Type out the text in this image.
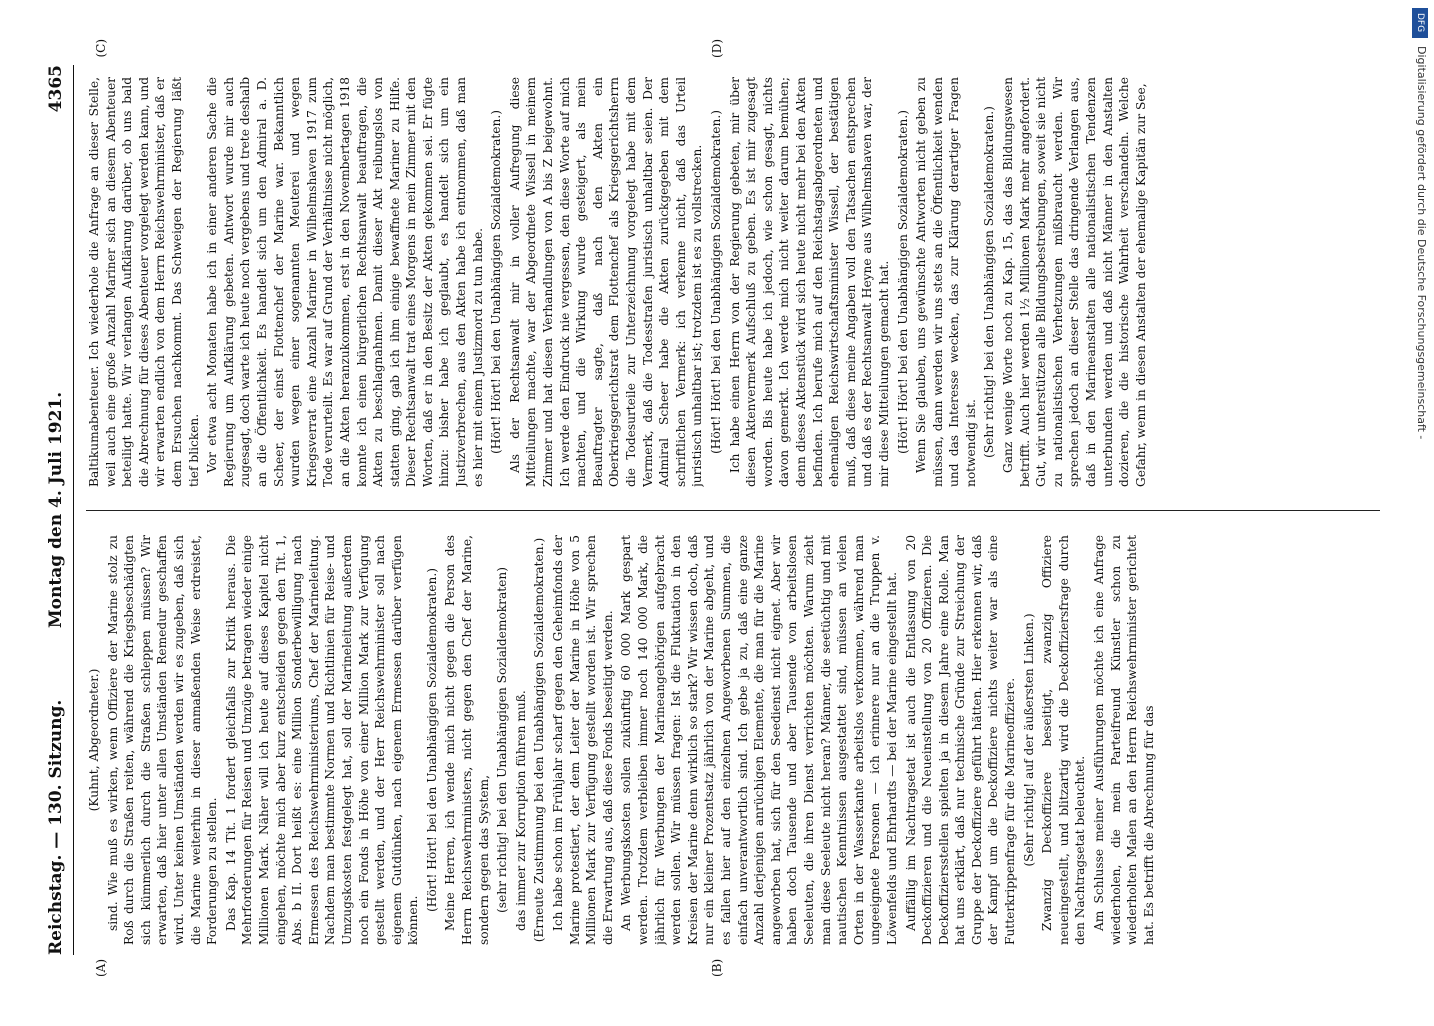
Reichstag. — 130. Sitzung.
Montag den 4. Juli 1921.
4365
(A)	(B)
(C)	(D)

(Kuhnt, Abgeordneter.) sind. Wie muß es wirken, wenn Offiziere der Marine stolz zu Roß durch die Straßen reiten, während die Kriegsbeschädigten sich kümmerlich durch die Straßen schleppen müssen? Wir erwarten, daß hier unter allen Umständen Remedur geschaffen wird. Unter keinen Umständen werden wir es zugeben, daß sich die Marine weiterhin in dieser anmaßenden Weise erdreistet, Forderungen zu stellen. Das Kap. 14 Tit. 1 fordert gleichfalls zur Kritik heraus. Die Mehrforderungen für Reisen und Umzüge betragen wieder einige Millionen Mark. Näher will ich heute auf dieses Kapitel nicht eingehen, möchte mich aber kurz entscheiden gegen den Tit. 1, Abs. b II. Dort heißt es: eine Million Sonderbewilligung nach Ermessen des Reichswehrministeriums, Chef der Marineleitung. Nachdem man bestimmte Normen und Richtlinien für Reise- und Umzugskosten festgelegt hat, soll der Marineleitung außerdem noch ein Fonds in Höhe von einer Million Mark zur Verfügung gestellt werden, und der Herr Reichswehrminister soll nach eigenem Gutdünken, nach eigenem Ermessen darüber verfügen können.

(Hört! Hört! bei den Unabhängigen Sozialdemokraten.) Meine Herren, ich wende mich nicht gegen die Person des Herrn Reichswehrministers, nicht gegen den Chef der Marine, sondern gegen das System, (sehr richtig! bei den Unabhängigen Sozialdemokraten) das immer zur Korruption führen muß. (Erneute Zustimmung bei den Unabhängigen Sozialdemokraten.) Ich habe schon im Frühjahr scharf gegen den Geheimfonds der Marine protestiert, der dem Leiter der Marine in Höhe von 5 Millionen Mark zur Verfügung gestellt worden ist. Wir sprechen die Erwartung aus, daß diese Fonds beseitigt werden. An Werbungskosten sollen zukünftig 60 000 Mark gespart werden. Trotzdem verbleiben immer noch 140 000 Mark, die jährlich für Werbungen der Marineangehörigen aufgebracht werden sollen. Wir müssen fragen: Ist die Fluktuation in den Kreisen der Marine denn wirklich so stark? Wir wissen doch, daß nur ein kleiner Prozentsatz jährlich von der Marine abgeht, und es fallen hier auf den einzelnen Angeworbenen Summen, die einfach unverantwortlich sind. Ich gebe ja zu, daß eine ganze Anzahl derjenigen anrüchigen Elemente, die man für die Marine angeworben hat, sich für den Seedienst nicht eignet. Aber wir haben doch Tausende und aber Tausende von arbeitslosen Seeleuten, die ihren Dienst verrichten möchten. Warum zieht man diese Seeleute nicht heran? Männer, die seetüchtig und mit nautischen Kenntnissen ausgestattet sind, müssen an vielen Orten in der Wasserkante arbeitslos verkommen, während man ungeeignete Personen — ich erinnere nur an die Truppen v. Löwenfelds und Ehrhardts — bei der Marine eingestellt hat. Auffällig im Nachtragsetat ist auch die Entlassung von 20 Deckoffizieren und die Neueinstellung von 20 Offizieren. Die Deckoffiziersstellen spielten ja in diesem Jahre eine Rolle. Man hat uns erklärt, daß nur technische Gründe zur Streichung der Gruppe der Deckoffiziere geführt hätten. Hier erkennen wir, daß der Kampf um die Deckoffiziere nichts weiter war als eine Futterkrippenfrage für die Marineoffiziere. (Sehr richtig! auf der äußersten Linken.) Zwanzig Deckoffiziere beseitigt, zwanzig Offiziere neueingestellt, und blitzartig wird die Deckoffiziersfrage durch den Nachtragsetat beleuchtet. Am Schlusse meiner Ausführungen möchte ich eine Anfrage wiederholen, die mein Parteifreund Künstler schon zu wiederholten Malen an den Herrn Reichswehrminister gerichtet hat. Es betrifft die Abrechnung für das

Baltikumabenteuer. Ich wiederhole die Anfrage an dieser Stelle, weil auch eine große Anzahl Mariner sich an diesem Abenteuer beteiligt hatte. Wir verlangen Aufklärung darüber, ob uns bald die Abrechnung für dieses Abenteuer vorgelegt werden kann, und wir erwarten endlich von dem Herrn Reichswehrminister, daß er dem Ersuchen nachkommt. Das Schweigen der Regierung läßt tief blicken. Vor etwa acht Monaten habe ich in einer anderen Sache die Regierung um Aufklärung gebeten. Antwort wurde mir auch zugesagt, doch warte ich heute noch vergebens und trete deshalb an die Öffentlichkeit. Es handelt sich um den Admiral a. D. Scheer, der einst Flottenchef der Marine war. Bekanntlich wurden wegen einer sogenannten Meuterei und wegen Kriegsverrat eine Anzahl Mariner in Wilhelmshaven 1917 zum Tode verurteilt. Es war auf Grund der Verhältnisse nicht möglich, an die Akten heranzukommen, erst in den Novembertagen 1918 konnte ich einen bürgerlichen Rechtsanwalt beauftragen, die Akten zu beschlagnahmen. Damit dieser Akt reibungslos von statten ging, gab ich ihm einige bewaffnete Mariner zu Hilfe. Dieser Rechtsanwalt trat eines Morgens in mein Zimmer mit den Worten, daß er in den Besitz der Akten gekommen sei. Er fügte hinzu: bisher habe ich geglaubt, es handelt sich um ein Justizverbrechen, aus den Akten habe ich entnommen, daß man es hier mit einem Justizmord zu tun habe. (Hört! Hört! bei den Unabhängigen Sozialdemokraten.) Als der Rechtsanwalt mir in voller Aufregung diese Mitteilungen machte, war der Abgeordnete Wissell in meinem Zimmer und hat diesen Verhandlungen von A bis Z beigewohnt. Ich werde den Eindruck nie vergessen, den diese Worte auf mich machten, und die Wirkung wurde gesteigert, als mein Beauftragter sagte, daß nach den Akten ein Oberkriegsgerichtsrat dem Flottenchef als Kriegsgerichtsherrn die Todesurteile zur Unterzeichnung vorgelegt habe mit dem Vermerk, daß die Todesstrafen juristisch unhaltbar seien. Der Admiral Scheer habe die Akten zurückgegeben mit dem schriftlichen Vermerk: ich verkenne nicht, daß das Urteil juristisch unhaltbar ist; trotzdem ist es zu vollstrecken. (Hört! Hört! bei den Unabhängigen Sozialdemokraten.) Ich habe einen Herrn von der Regierung gebeten, mir über diesen Aktenvermerk Aufschluß zu geben. Es ist mir zugesagt worden. Bis heute habe ich jedoch, wie schon gesagt, nichts davon gemerkt. Ich werde mich nicht weiter darum bemühen; denn dieses Aktenstück wird sich heute nicht mehr bei den Akten befinden. Ich berufe mich auf den Reichstagsabgeordneten und ehemaligen Reichswirtschaftsminister Wissell, der bestätigen muß, daß diese meine Angaben voll den Tatsachen entsprechen und daß es der Rechtsanwalt Heyne aus Wilhelmshaven war, der mir diese Mitteilungen gemacht hat. (Hört! Hört! bei den Unabhängigen Sozialdemokraten.) Wenn Sie glauben, uns gewünschte Antworten nicht geben zu müssen, dann werden wir uns stets an die Öffentlichkeit wenden und das Interesse wecken, das zur Klärung derartiger Fragen notwendig ist. (Sehr richtig! bei den Unabhängigen Sozialdemokraten.) Ganz wenige Worte noch zu Kap. 15, das das Bildungswesen betrifft. Auch hier werden 1½ Millionen Mark mehr angefordert. Gut, wir unterstützen alle Bildungsbestrebungen, soweit sie nicht zu nationalistischen Verhetzungen mißbraucht werden. Wir sprechen jedoch an dieser Stelle das dringende Verlangen aus, daß in den Marineanstalten alle nationalistischen Tendenzen unterbunden werden und daß nicht Männer in den Anstalten dozieren, die die historische Wahrheit verschandeln. Welche Gefahr, wenn in diesen Anstalten der ehemalige Kapitän zur See,

DFG
Digitalisierung gefördert durch die Deutsche Forschungsgemeinschaft -
